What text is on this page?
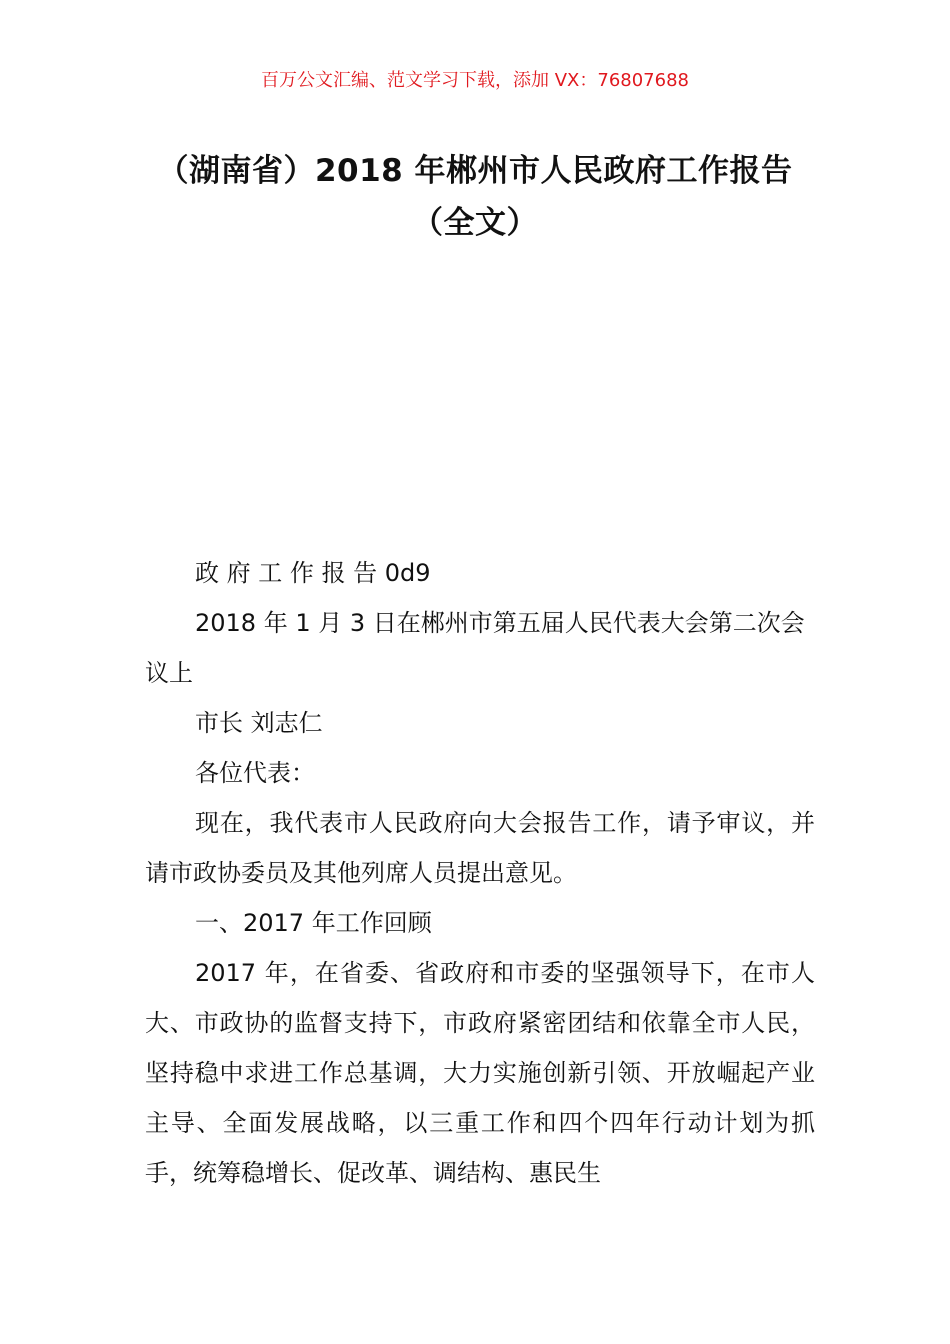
百万公文汇编、范文学习下载，添加 VX：76807688
（湖南省）2018 年郴州市人民政府工作报告（全文）

政 府 工 作 报 告 0d9

2018 年 1 月 3 日在郴州市第五届人民代表大会第二次会议上

市长 刘志仁

各位代表：

现在，我代表市人民政府向大会报告工作，请予审议，并请市政协委员及其他列席人员提出意见。

一、2017 年工作回顾

2017 年，在省委、省政府和市委的坚强领导下，在市人大、市政协的监督支持下，市政府紧密团结和依靠全市人民，坚持稳中求进工作总基调，大力实施创新引领、开放崛起产业主导、全面发展战略，以三重工作和四个四年行动计划为抓手，统筹稳增长、促改革、调结构、惠民生
